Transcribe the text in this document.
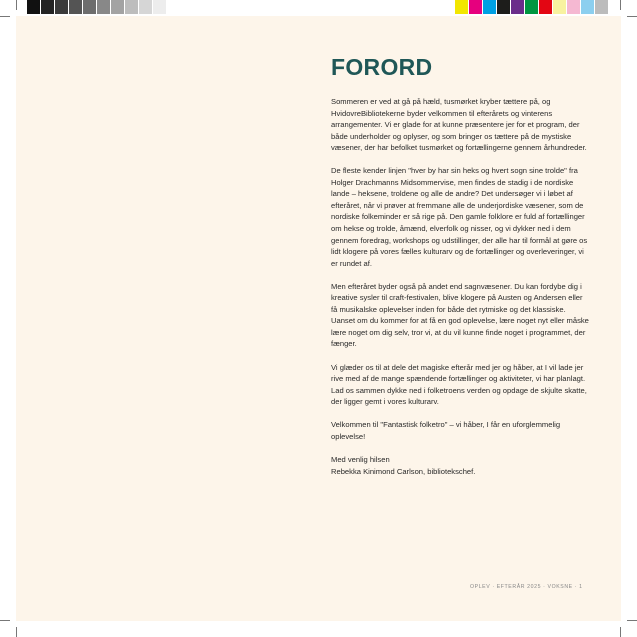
FORORD

Sommeren er ved at gå på hæld, tusmørket kryber tættere på, og HvidovreBibliotekerne byder velkommen til efterårets og vinterens arrangementer. Vi er glade for at kunne præsentere jer for et program, der både underholder og oplyser, og som bringer os tættere på de mystiske væsener, der har befolket tusmørket og fortællingerne gennem århundreder.

De fleste kender linjen "hver by har sin heks og hvert sogn sine trolde" fra Holger Drachmanns Midsommervise, men findes de stadig i de nordiske lande – heksene, troldene og alle de andre? Det undersøger vi i løbet af efteråret, når vi prøver at fremmane alle de underjordiske væsener, som de nordiske folkeminder er så rige på. Den gamle folklore er fuld af fortællinger om hekse og trolde, åmænd, elverfolk og nisser, og vi dykker ned i dem gennem foredrag, workshops og udstillinger, der alle har til formål at gøre os lidt klogere på vores fælles kulturarv og de fortællinger og overleveringer, vi er rundet af.

Men efteråret byder også på andet end sagnvæsener. Du kan fordybe dig i kreative sysler til craft-festivalen, blive klogere på Austen og Andersen eller få musikalske oplevelser inden for både det rytmiske og det klassiske. Uanset om du kommer for at få en god oplevelse, lære noget nyt eller måske lære noget om dig selv, tror vi, at du vil kunne finde noget i programmet, der fænger.

Vi glæder os til at dele det magiske efterår med jer og håber, at I vil lade jer rive med af de mange spændende fortællinger og aktiviteter, vi har planlagt. Lad os sammen dykke ned i folketroens verden og opdage de skjulte skatte, der ligger gemt i vores kulturarv.

Velkommen til "Fantastisk folketro" – vi håber, I får en uforglemmelig oplevelse!

Med venlig hilsen
Rebekka Kinimond Carlson, bibliotekschef.

OPLEV · EFTERÅR 2025 · VOKSNE · 1
